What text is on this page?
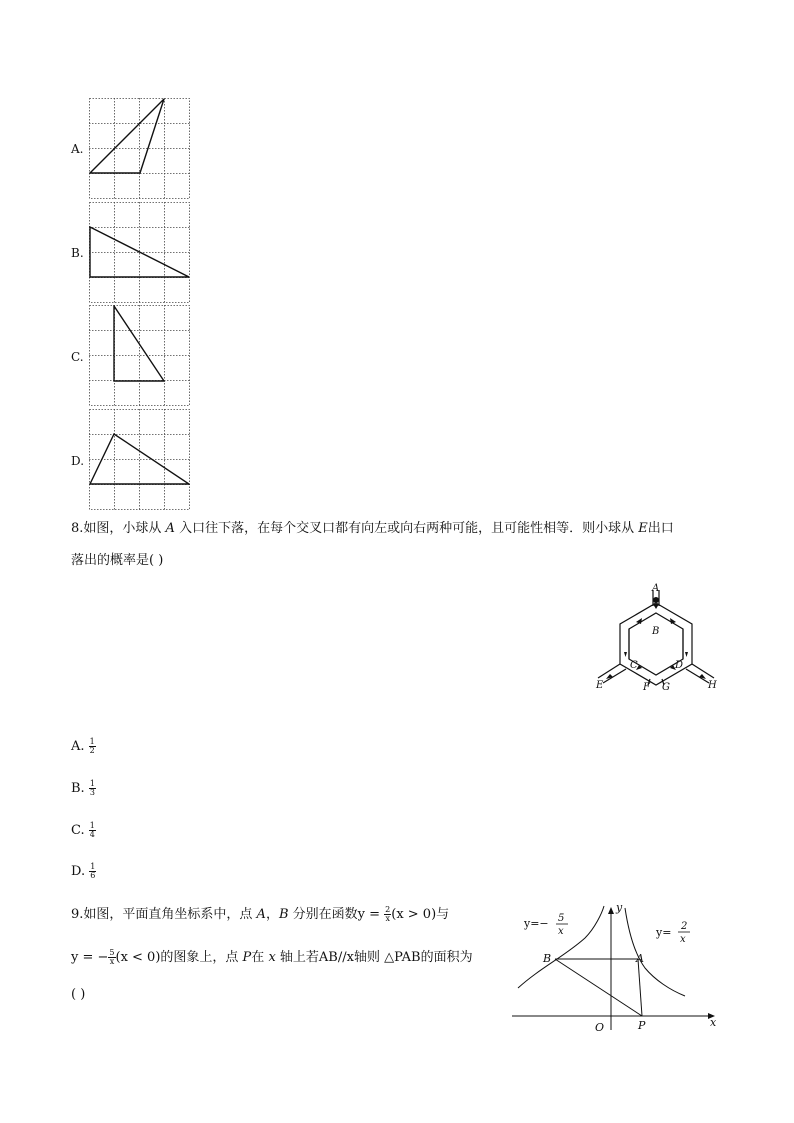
A.
B.
C.
D.
8.如图，小球从 A 入口往下落，在每个交叉口都有向左或向右两种可能，且可能性相等．则小球从 E出口
落出的概率是( )
A
B
C	D
E	F G	H
A. $\frac{1}{2}$
B. $\frac{1}{3}$
C. $\frac{1}{4}$
D. $\frac{1}{6}$
9.如图，平面直角坐标系中，点 A，B 分别在函数$y = \frac{2}{x} (x > 0)$与
y = − $\frac{5}{x} (x < 0)$的图象上，点 P在 x 轴上若AB//x轴则 △PAB的面积为
( )
y=− 5
x	y= 2
x
y
x
O
B	A
P
